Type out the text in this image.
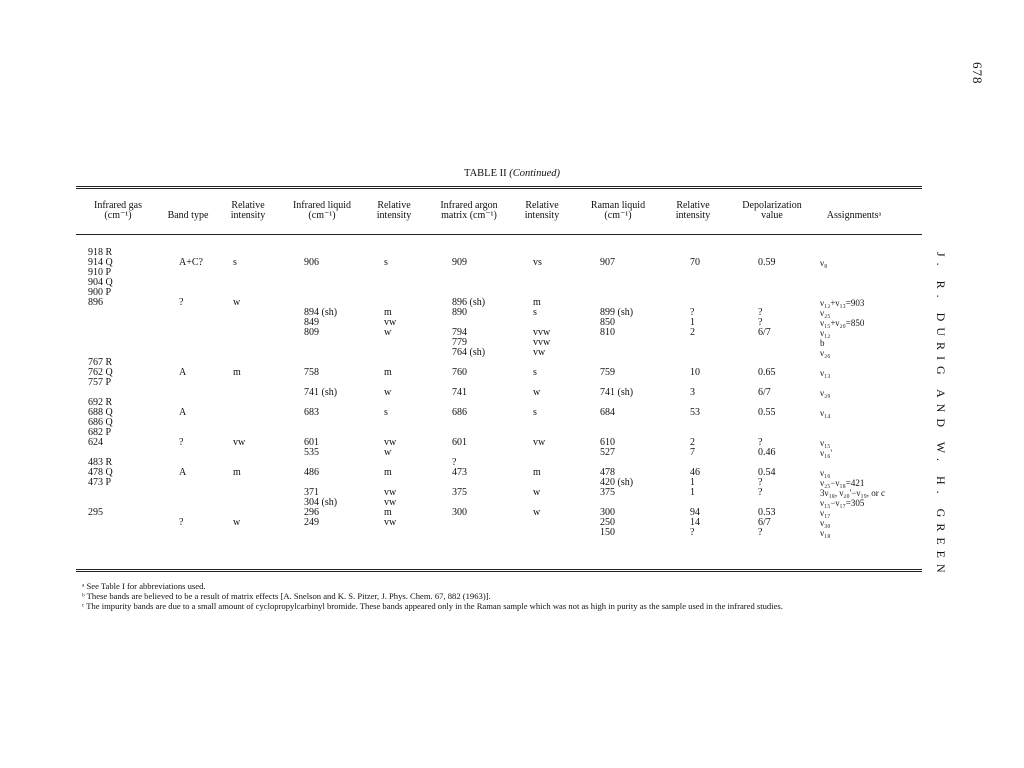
678
J. R. DURIG AND W. H. GREEN
TABLE II (Continued)
Infrared gas
(cm⁻¹)	Band type
Relative
intensity
Infrared liquid
(cm⁻¹)
Relative
intensity
Infrared argon
matrix (cm⁻¹)
Relative
intensity
Raman liquid
(cm⁻¹)
Relative
intensity
Depolarization
value	Assignmentsᵃ
918 R
914 Q
910 P
904 Q
900 P
896

767 R
762 Q
757 P

692 R
688 Q
686 Q
682 P
624

483 R
478 Q
473 P

295

A+C?

?

A

A

?

A

?

s

w

m

vw

m

w

906

894 (sh)
849
809

758

741 (sh)

683

601
535

486

371
304 (sh)
296
249

s

m
vw
w

m

w

s

vw
w

m

vw
vw
m
vw

909

896 (sh)
890

794
779
764 (sh)

760

741

686

601

?
473

375

300

vs

m
s

vvw
vvw
vw

s

w

s

vw

m

w

w

907

899 (sh)
850
810

759

741 (sh)

684

610
527

478
420 (sh)
375

300
250
150

70

?
1
2

10

3

53

2
7

46
1
1

94
14
?

0.59

?
?
6/7

0.65

6/7

0.55

?
0.46

0.54
?
?

0.53
6/7
?

ν₈

ν₁₂+ν₁₃=903
ν₂₅
ν₁₅+ν₂₀=850
ν₁₂
b
ν₂₆

ν₁₃

ν₂₉

ν₁₄

ν₁₅
ν₁₆'

ν₁₆
ν₂₅−ν₁₈=421
3ν₁₈, ν₂₀'−ν₁₉, or c
ν₁₅−ν₁₇=305
ν₁₇
ν₃₀
ν₁₈
ᵃ See Table I for abbreviations used.
ᵇ These bands are believed to be a result of matrix effects [A. Snelson and K. S. Pitzer, J. Phys. Chem. 67, 882 (1963)].
ᶜ The impurity bands are due to a small amount of cyclopropylcarbinyl bromide. These bands appeared only in the Raman sample which was not as high in purity as the sample used in the infrared studies.
